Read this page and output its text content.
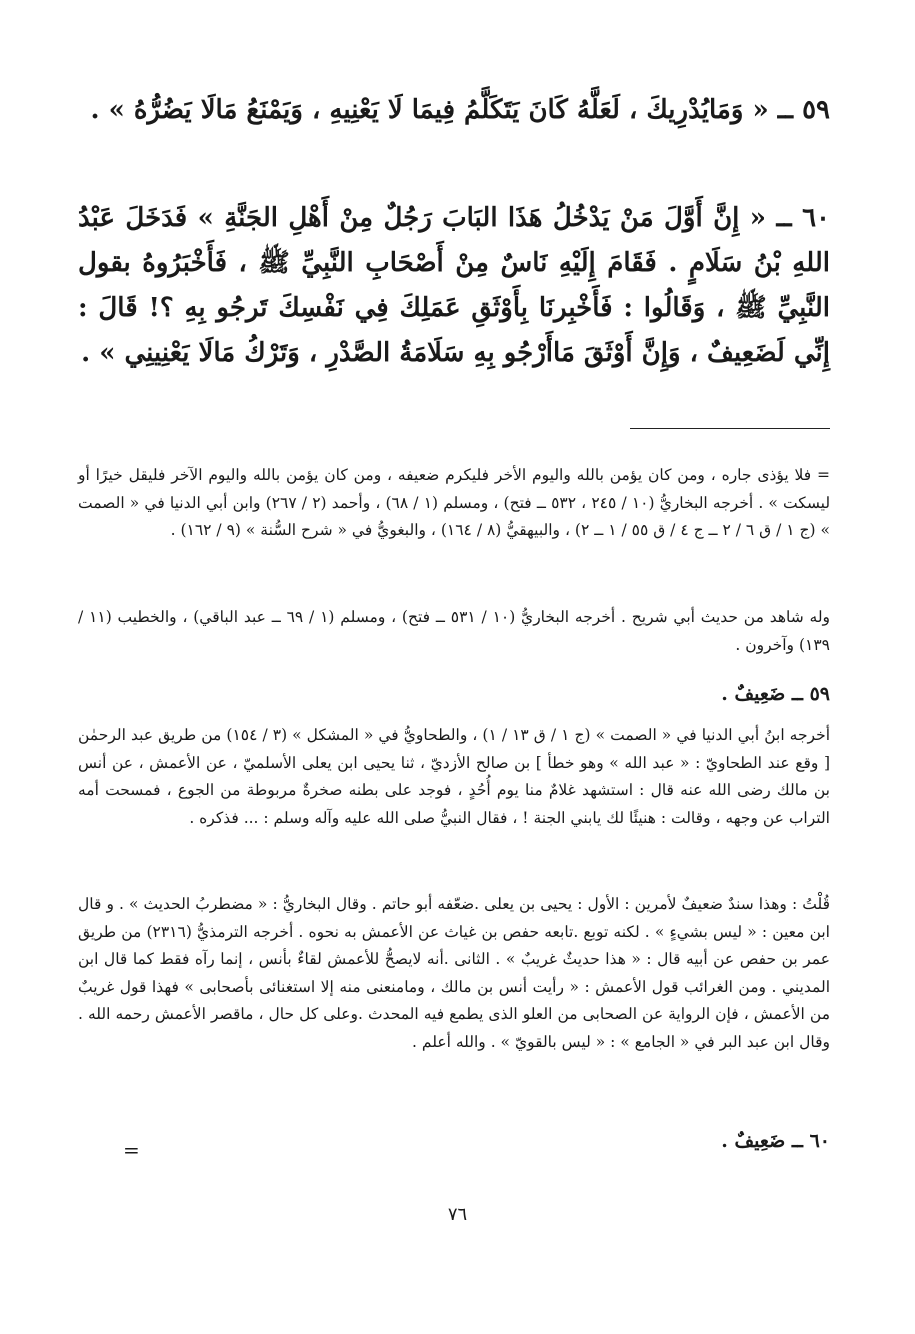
٥٩ ــ « وَمَايُدْرِيكَ ، لَعَلَّهُ كَانَ يَتَكَلَّمُ فِيمَا لَا يَعْنِيهِ ، وَيَمْنَعُ مَالَا يَضُرُّهُ » .
٦٠ ــ « إِنَّ أَوَّلَ مَنْ يَدْخُلُ هَذَا البَابَ رَجُلٌ مِنْ أَهْلِ الجَنَّةِ » فَدَخَلَ عَبْدُ اللهِ بْنُ سَلَامٍ . فَقَامَ إِلَيْهِ نَاسٌ مِنْ أَصْحَابِ النَّبِيِّ ﷺ ، فَأَخْبَرُوهُ بقول النَّبِيِّ ﷺ ، وَقَالُوا : فَأَخْبِرنَا بِأَوْثَقِ عَمَلِكَ فِي نَفْسِكَ تَرجُو بِهِ ؟! قَالَ : إِنِّي لَضَعِيفٌ ، وَإِنَّ أَوْثَقَ مَاأَرْجُو بِهِ سَلَامَةُ الصَّدْرِ ، وَتَرْكُ مَالَا يَعْنِينِي » .
= فلا يؤذى جاره ، ومن كان يؤمن بالله واليوم الأخر فليكرم ضعيفه ، ومن كان يؤمن بالله واليوم الآخر فليقل خيرًا أو ليسكت » . أخرجه البخاريُّ (١٠ / ٢٤٥ ، ٥٣٢ ــ فتح) ، ومسلم (١ / ٦٨) ، وأحمد (٢ / ٢٦٧) وابن أبي الدنيا في « الصمت » (ج ١ / ق ٦ / ٢ ــ ج ٤ / ق ٥٥ / ١ ــ ٢) ، والبيهقيُّ (٨ / ١٦٤) ، والبغويُّ في « شرح السُّنة » (٩ / ١٦٢) .
وله شاهد من حديث أبي شريح . أخرجه البخاريُّ (١٠ / ٥٣١ ــ فتح) ، ومسلم (١ / ٦٩ ــ عبد الباقي) ، والخطيب (١١ / ١٣٩) وآخرون .
٥٩ ــ ضَعِيفٌ .
أخرجه ابنُ أبي الدنيا في « الصمت » (ج ١ / ق ١٣ / ١) ، والطحاويُّ في « المشكل » (٣ / ١٥٤) من طريق عبد الرحمٰن [ وقع عند الطحاويّ : « عبد الله » وهو خطأ ] بن صالح الأزديّ ، ثنا يحيى ابن يعلى الأسلميّ ، عن الأعمش ، عن أنس بن مالك رضى الله عنه قال : استشهد غلامٌ منا يوم أُحُدٍ ، فوجد على بطنه صخرةٌ مربوطة من الجوع ، فمسحت أمه التراب عن وجهه ، وقالت : هنيئًا لك يابني الجنة ! ، فقال النبيُّ صلى الله عليه وآله وسلم : ... فذكره .
قُلْتُ : وهذا سندٌ ضعيفٌ لأمرين : الأول : يحيى بن يعلى .ضعّفه أبو حاتم . وقال البخاريُّ : « مضطربُ الحديث » . و قال ابن معين : « ليس بشيءٍ » . لكنه توبع .تابعه حفص بن غياث عن الأعمش به نحوه . أخرجه الترمذيُّ (٢٣١٦) من طريق عمر بن حفص عن أبيه قال : « هذا حديثٌ غريبٌ » . الثانى .أنه لايصحُّ للأعمش لقاءٌ بأنس ، إنما رآه فقط كما قال ابن المديني . ومن الغرائب قول الأعمش : « رأيت أنس بن مالك ، ومامنعنى منه إلا استغنائى بأصحابى » فهذا قول غريبٌ من الأعمش ، فإن الرواية عن الصحابى من العلو الذى يطمع فيه المحدث .وعلى كل حال ، ماقصر الأعمش رحمه الله . وقال ابن عبد البر في « الجامع » : « ليس بالقويّ » . والله أعلم .
٦٠ ــ ضَعِيفٌ .
=
٧٦
